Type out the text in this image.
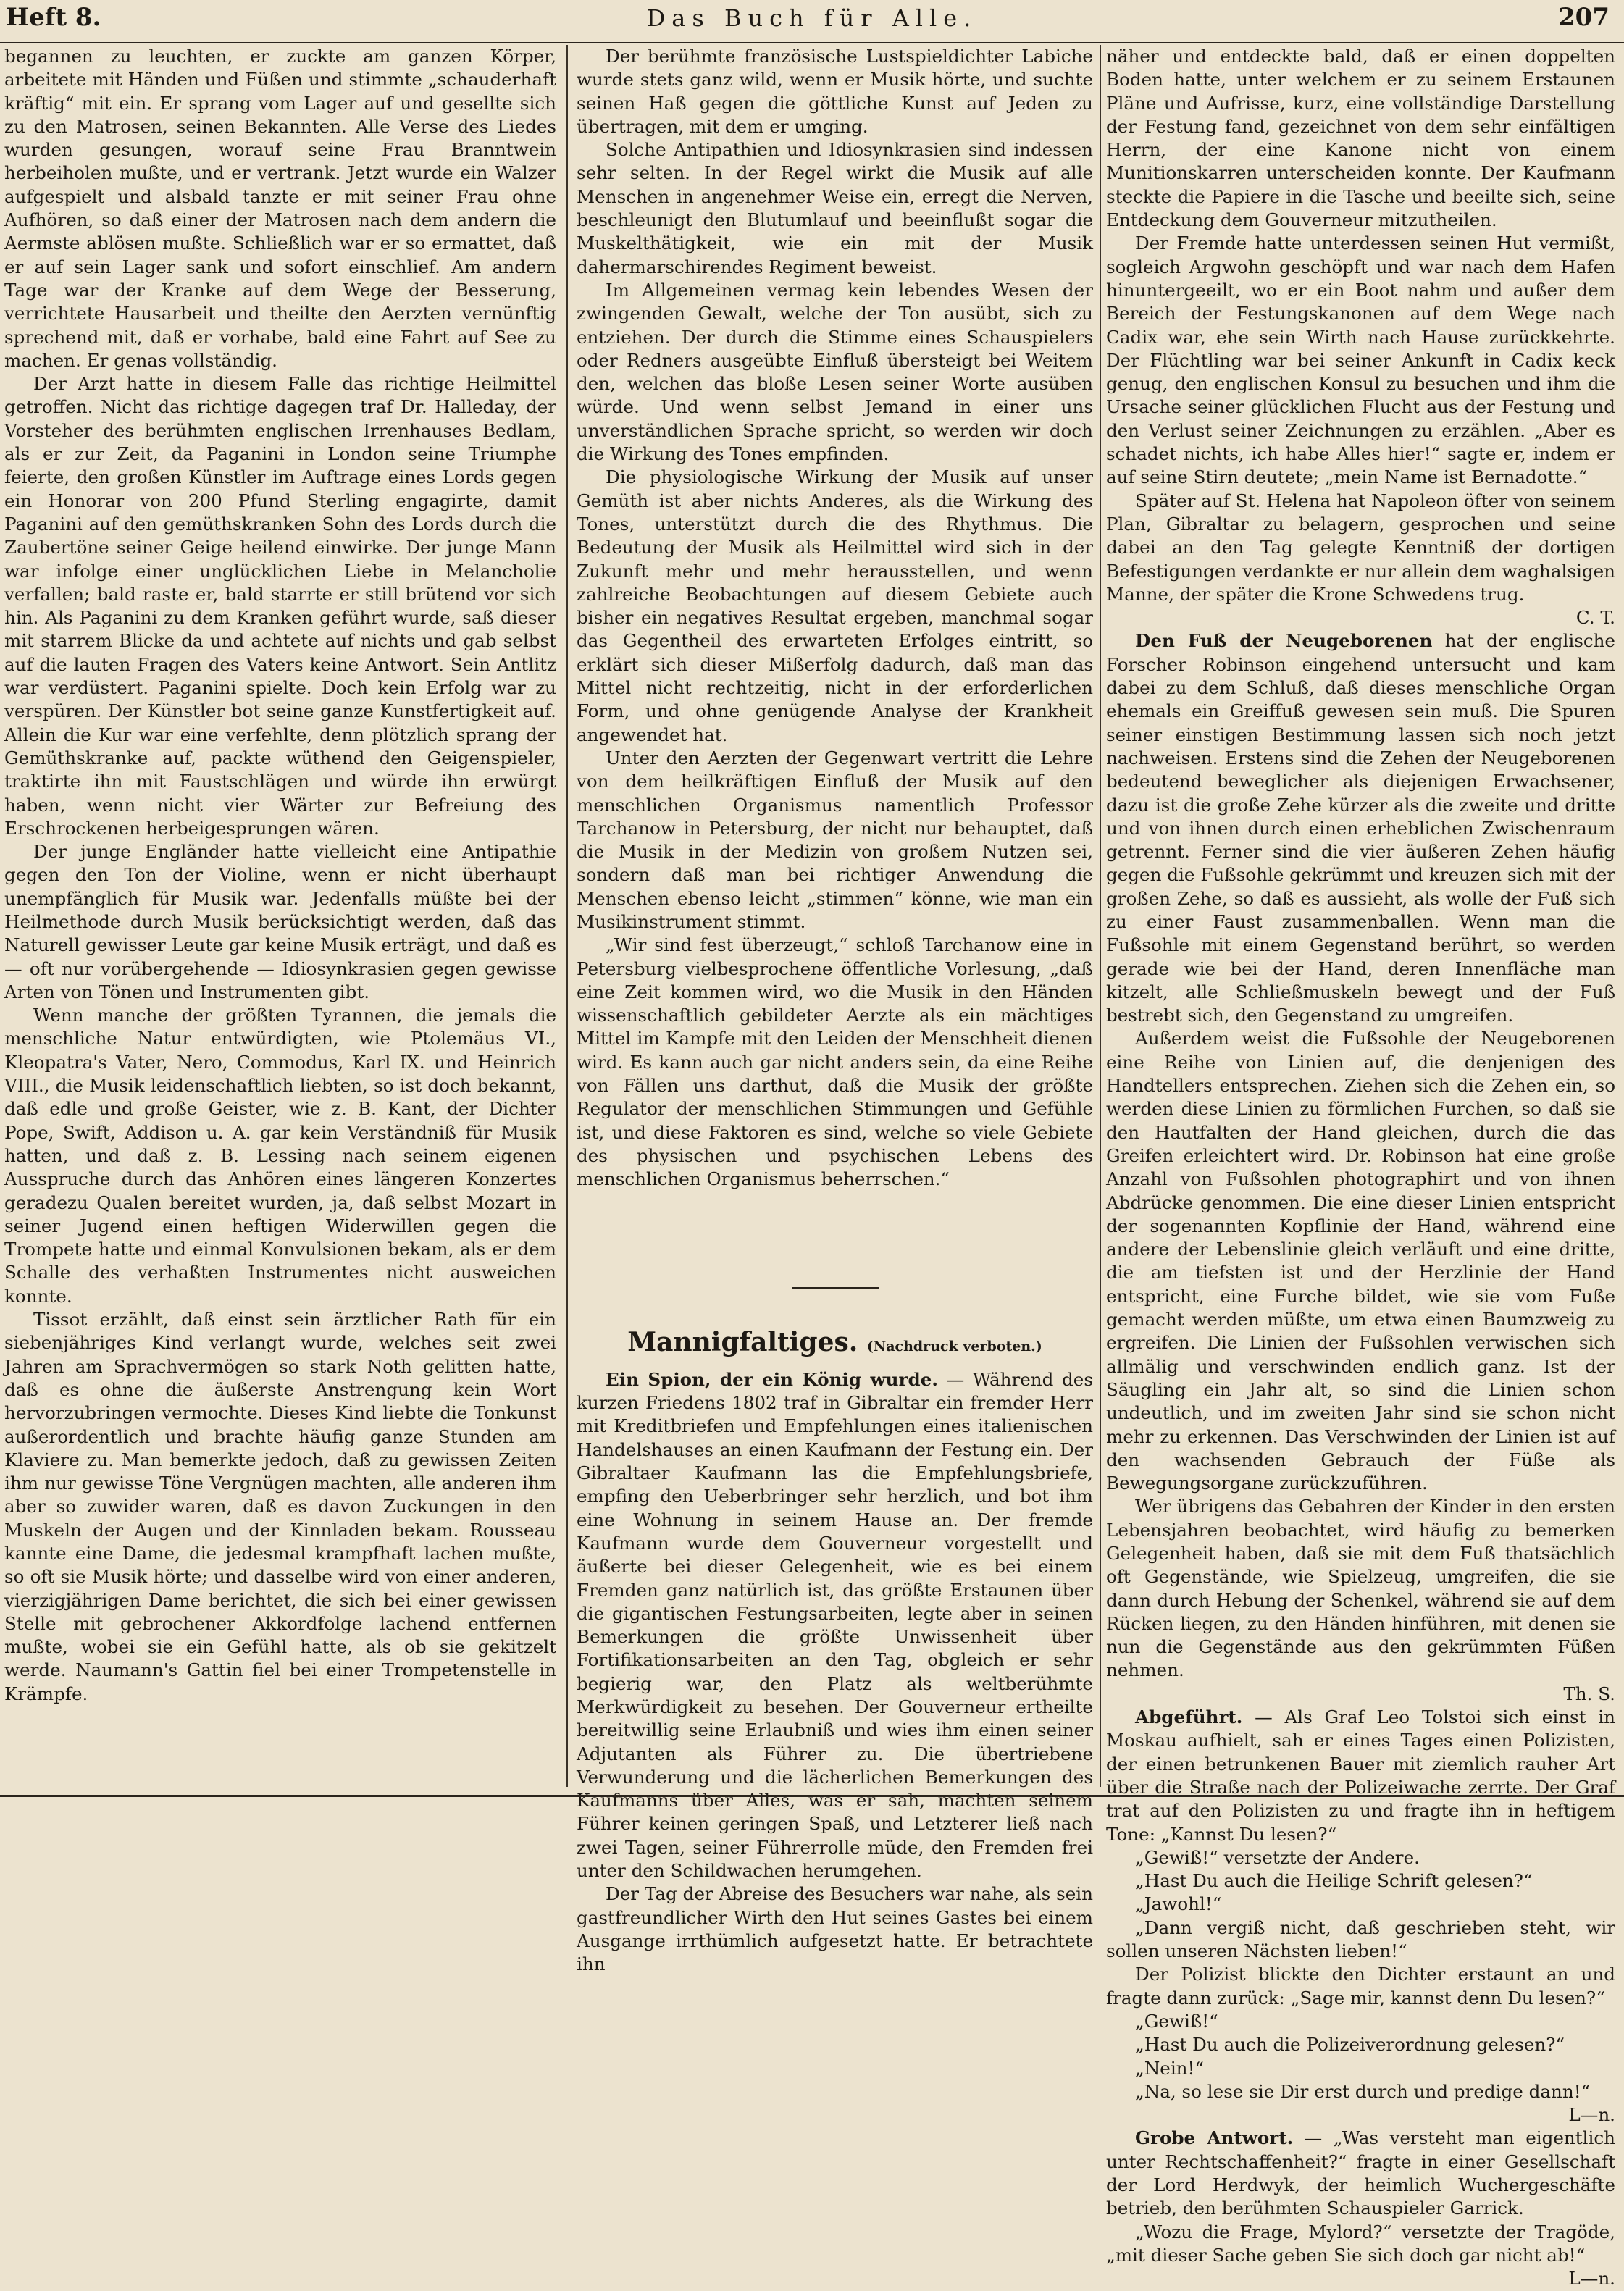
Heft 8.	Das Buch für Alle.	207

begannen zu leuchten, er zuckte am ganzen Körper, arbeitete mit Händen und Füßen und stimmte „schauderhaft kräftig“ mit ein. Er sprang vom Lager auf und gesellte sich zu den Matrosen, seinen Bekannten. Alle Verse des Liedes wurden gesungen, worauf seine Frau Branntwein herbeiholen mußte, und er vertrank. Jetzt wurde ein Walzer aufgespielt und alsbald tanzte er mit seiner Frau ohne Aufhören, so daß einer der Matrosen nach dem andern die Aermste ablösen mußte. Schließlich war er so ermattet, daß er auf sein Lager sank und sofort einschlief. Am andern Tage war der Kranke auf dem Wege der Besserung, verrichtete Hausarbeit und theilte den Aerzten vernünftig sprechend mit, daß er vorhabe, bald eine Fahrt auf See zu machen. Er genas vollständig.

Der Arzt hatte in diesem Falle das richtige Heilmittel getroffen. Nicht das richtige dagegen traf Dr. Halleday, der Vorsteher des berühmten englischen Irrenhauses Bedlam, als er zur Zeit, da Paganini in London seine Triumphe feierte, den großen Künstler im Auftrage eines Lords gegen ein Honorar von 200 Pfund Sterling engagirte, damit Paganini auf den gemüthskranken Sohn des Lords durch die Zaubertöne seiner Geige heilend einwirke. Der junge Mann war infolge einer unglücklichen Liebe in Melancholie verfallen; bald raste er, bald starrte er still brütend vor sich hin. Als Paganini zu dem Kranken geführt wurde, saß dieser mit starrem Blicke da und achtete auf nichts und gab selbst auf die lauten Fragen des Vaters keine Antwort. Sein Antlitz war verdüstert. Paganini spielte. Doch kein Erfolg war zu verspüren. Der Künstler bot seine ganze Kunstfertigkeit auf. Allein die Kur war eine verfehlte, denn plötzlich sprang der Gemüthskranke auf, packte wüthend den Geigenspieler, traktirte ihn mit Faustschlägen und würde ihn erwürgt haben, wenn nicht vier Wärter zur Befreiung des Erschrockenen herbeigesprungen wären.

Der junge Engländer hatte vielleicht eine Antipathie gegen den Ton der Violine, wenn er nicht überhaupt unempfänglich für Musik war. Jedenfalls müßte bei der Heilmethode durch Musik berücksichtigt werden, daß das Naturell gewisser Leute gar keine Musik erträgt, und daß es — oft nur vorübergehende — Idiosynkrasien gegen gewisse Arten von Tönen und Instrumenten gibt.

Wenn manche der größten Tyrannen, die jemals die menschliche Natur entwürdigten, wie Ptolemäus VI., Kleopatra's Vater, Nero, Commodus, Karl IX. und Heinrich VIII., die Musik leidenschaftlich liebten, so ist doch bekannt, daß edle und große Geister, wie z. B. Kant, der Dichter Pope, Swift, Addison u. A. gar kein Verständniß für Musik hatten, und daß z. B. Lessing nach seinem eigenen Ausspruche durch das Anhören eines längeren Konzertes geradezu Qualen bereitet wurden, ja, daß selbst Mozart in seiner Jugend einen heftigen Widerwillen gegen die Trompete hatte und einmal Konvulsionen bekam, als er dem Schalle des verhaßten Instrumentes nicht ausweichen konnte.

Tissot erzählt, daß einst sein ärztlicher Rath für ein siebenjähriges Kind verlangt wurde, welches seit zwei Jahren am Sprachvermögen so stark Noth gelitten hatte, daß es ohne die äußerste Anstrengung kein Wort hervorzubringen vermochte. Dieses Kind liebte die Tonkunst außerordentlich und brachte häufig ganze Stunden am Klaviere zu. Man bemerkte jedoch, daß zu gewissen Zeiten ihm nur gewisse Töne Vergnügen machten, alle anderen ihm aber so zuwider waren, daß es davon Zuckungen in den Muskeln der Augen und der Kinnladen bekam. Rousseau kannte eine Dame, die jedesmal krampfhaft lachen mußte, so oft sie Musik hörte; und dasselbe wird von einer anderen, vierzigjährigen Dame berichtet, die sich bei einer gewissen Stelle mit gebrochener Akkordfolge lachend entfernen mußte, wobei sie ein Gefühl hatte, als ob sie gekitzelt werde. Naumann's Gattin fiel bei einer Trompetenstelle in Krämpfe.

Der berühmte französische Lustspieldichter Labiche wurde stets ganz wild, wenn er Musik hörte, und suchte seinen Haß gegen die göttliche Kunst auf Jeden zu übertragen, mit dem er umging.

Solche Antipathien und Idiosynkrasien sind indessen sehr selten. In der Regel wirkt die Musik auf alle Menschen in angenehmer Weise ein, erregt die Nerven, beschleunigt den Blutumlauf und beeinflußt sogar die Muskelthätigkeit, wie ein mit der Musik dahermarschirendes Regiment beweist.

Im Allgemeinen vermag kein lebendes Wesen der zwingenden Gewalt, welche der Ton ausübt, sich zu entziehen. Der durch die Stimme eines Schauspielers oder Redners ausgeübte Einfluß übersteigt bei Weitem den, welchen das bloße Lesen seiner Worte ausüben würde. Und wenn selbst Jemand in einer uns unverständlichen Sprache spricht, so werden wir doch die Wirkung des Tones empfinden.

Die physiologische Wirkung der Musik auf unser Gemüth ist aber nichts Anderes, als die Wirkung des Tones, unterstützt durch die des Rhythmus. Die Bedeutung der Musik als Heilmittel wird sich in der Zukunft mehr und mehr herausstellen, und wenn zahlreiche Beobachtungen auf diesem Gebiete auch bisher ein negatives Resultat ergeben, manchmal sogar das Gegentheil des erwarteten Erfolges eintritt, so erklärt sich dieser Mißerfolg dadurch, daß man das Mittel nicht rechtzeitig, nicht in der erforderlichen Form, und ohne genügende Analyse der Krankheit angewendet hat.

Unter den Aerzten der Gegenwart vertritt die Lehre von dem heilkräftigen Einfluß der Musik auf den menschlichen Organismus namentlich Professor Tarchanow in Petersburg, der nicht nur behauptet, daß die Musik in der Medizin von großem Nutzen sei, sondern daß man bei richtiger Anwendung die Menschen ebenso leicht „stimmen“ könne, wie man ein Musikinstrument stimmt.

„Wir sind fest überzeugt,“ schloß Tarchanow eine in Petersburg vielbesprochene öffentliche Vorlesung, „daß eine Zeit kommen wird, wo die Musik in den Händen wissenschaftlich gebildeter Aerzte als ein mächtiges Mittel im Kampfe mit den Leiden der Menschheit dienen wird. Es kann auch gar nicht anders sein, da eine Reihe von Fällen uns darthut, daß die Musik der größte Regulator der menschlichen Stimmungen und Gefühle ist, und diese Faktoren es sind, welche so viele Gebiete des physischen und psychischen Lebens des menschlichen Organismus beherrschen.“

Mannigfaltiges. (Nachdruck verboten.)

Ein Spion, der ein König wurde. — Während des kurzen Friedens 1802 traf in Gibraltar ein fremder Herr mit Kreditbriefen und Empfehlungen eines italienischen Handelshauses an einen Kaufmann der Festung ein. Der Gibraltaer Kaufmann las die Empfehlungsbriefe, empfing den Ueberbringer sehr herzlich, und bot ihm eine Wohnung in seinem Hause an. Der fremde Kaufmann wurde dem Gouverneur vorgestellt und äußerte bei dieser Gelegenheit, wie es bei einem Fremden ganz natürlich ist, das größte Erstaunen über die gigantischen Festungsarbeiten, legte aber in seinen Bemerkungen die größte Unwissenheit über Fortifikationsarbeiten an den Tag, obgleich er sehr begierig war, den Platz als weltberühmte Merkwürdigkeit zu besehen. Der Gouverneur ertheilte bereitwillig seine Erlaubniß und wies ihm einen seiner Adjutanten als Führer zu. Die übertriebene Verwunderung und die lächerlichen Bemerkungen des Kaufmanns über Alles, was er sah, machten seinem Führer keinen geringen Spaß, und Letzterer ließ nach zwei Tagen, seiner Führerrolle müde, den Fremden frei unter den Schildwachen herumgehen.

Der Tag der Abreise des Besuchers war nahe, als sein gastfreundlicher Wirth den Hut seines Gastes bei einem Ausgange irrthümlich aufgesetzt hatte. Er betrachtete ihn

näher und entdeckte bald, daß er einen doppelten Boden hatte, unter welchem er zu seinem Erstaunen Pläne und Aufrisse, kurz, eine vollständige Darstellung der Festung fand, gezeichnet von dem sehr einfältigen Herrn, der eine Kanone nicht von einem Munitionskarren unterscheiden konnte. Der Kaufmann steckte die Papiere in die Tasche und beeilte sich, seine Entdeckung dem Gouverneur mitzutheilen.

Der Fremde hatte unterdessen seinen Hut vermißt, sogleich Argwohn geschöpft und war nach dem Hafen hinuntergeeilt, wo er ein Boot nahm und außer dem Bereich der Festungskanonen auf dem Wege nach Cadix war, ehe sein Wirth nach Hause zurückkehrte. Der Flüchtling war bei seiner Ankunft in Cadix keck genug, den englischen Konsul zu besuchen und ihm die Ursache seiner glücklichen Flucht aus der Festung und den Verlust seiner Zeichnungen zu erzählen. „Aber es schadet nichts, ich habe Alles hier!“ sagte er, indem er auf seine Stirn deutete; „mein Name ist Bernadotte.“

Später auf St. Helena hat Napoleon öfter von seinem Plan, Gibraltar zu belagern, gesprochen und seine dabei an den Tag gelegte Kenntniß der dortigen Befestigungen verdankte er nur allein dem waghalsigen Manne, der später die Krone Schwedens trug.

C. T.

Den Fuß der Neugeborenen hat der englische Forscher Robinson eingehend untersucht und kam dabei zu dem Schluß, daß dieses menschliche Organ ehemals ein Greiffuß gewesen sein muß. Die Spuren seiner einstigen Bestimmung lassen sich noch jetzt nachweisen. Erstens sind die Zehen der Neugeborenen bedeutend beweglicher als diejenigen Erwachsener, dazu ist die große Zehe kürzer als die zweite und dritte und von ihnen durch einen erheblichen Zwischenraum getrennt. Ferner sind die vier äußeren Zehen häufig gegen die Fußsohle gekrümmt und kreuzen sich mit der großen Zehe, so daß es aussieht, als wolle der Fuß sich zu einer Faust zusammenballen. Wenn man die Fußsohle mit einem Gegenstand berührt, so werden gerade wie bei der Hand, deren Innenfläche man kitzelt, alle Schließmuskeln bewegt und der Fuß bestrebt sich, den Gegenstand zu umgreifen.

Außerdem weist die Fußsohle der Neugeborenen eine Reihe von Linien auf, die denjenigen des Handtellers entsprechen. Ziehen sich die Zehen ein, so werden diese Linien zu förmlichen Furchen, so daß sie den Hautfalten der Hand gleichen, durch die das Greifen erleichtert wird. Dr. Robinson hat eine große Anzahl von Fußsohlen photographirt und von ihnen Abdrücke genommen. Die eine dieser Linien entspricht der sogenannten Kopflinie der Hand, während eine andere der Lebenslinie gleich verläuft und eine dritte, die am tiefsten ist und der Herzlinie der Hand entspricht, eine Furche bildet, wie sie vom Fuße gemacht werden müßte, um etwa einen Baumzweig zu ergreifen. Die Linien der Fußsohlen verwischen sich allmälig und verschwinden endlich ganz. Ist der Säugling ein Jahr alt, so sind die Linien schon undeutlich, und im zweiten Jahr sind sie schon nicht mehr zu erkennen. Das Verschwinden der Linien ist auf den wachsenden Gebrauch der Füße als Bewegungsorgane zurückzuführen.

Wer übrigens das Gebahren der Kinder in den ersten Lebensjahren beobachtet, wird häufig zu bemerken Gelegenheit haben, daß sie mit dem Fuß thatsächlich oft Gegenstände, wie Spielzeug, umgreifen, die sie dann durch Hebung der Schenkel, während sie auf dem Rücken liegen, zu den Händen hinführen, mit denen sie nun die Gegenstände aus den gekrümmten Füßen nehmen.

Th. S.

Abgeführt. — Als Graf Leo Tolstoi sich einst in Moskau aufhielt, sah er eines Tages einen Polizisten, der einen betrunkenen Bauer mit ziemlich rauher Art über die Straße nach der Polizeiwache zerrte. Der Graf trat auf den Polizisten zu und fragte ihn in heftigem Tone: „Kannst Du lesen?“

„Gewiß!“ versetzte der Andere.

„Hast Du auch die Heilige Schrift gelesen?“

„Jawohl!“

„Dann vergiß nicht, daß geschrieben steht, wir sollen unseren Nächsten lieben!“

Der Polizist blickte den Dichter erstaunt an und fragte dann zurück: „Sage mir, kannst denn Du lesen?“

„Gewiß!“

„Hast Du auch die Polizeiverordnung gelesen?“

„Nein!“

„Na, so lese sie Dir erst durch und predige dann!“

L—n.

Grobe Antwort. — „Was versteht man eigentlich unter Rechtschaffenheit?“ fragte in einer Gesellschaft der Lord Herdwyk, der heimlich Wuchergeschäfte betrieb, den berühmten Schauspieler Garrick.

„Wozu die Frage, Mylord?“ versetzte der Tragöde, „mit dieser Sache geben Sie sich doch gar nicht ab!“

L—n.
